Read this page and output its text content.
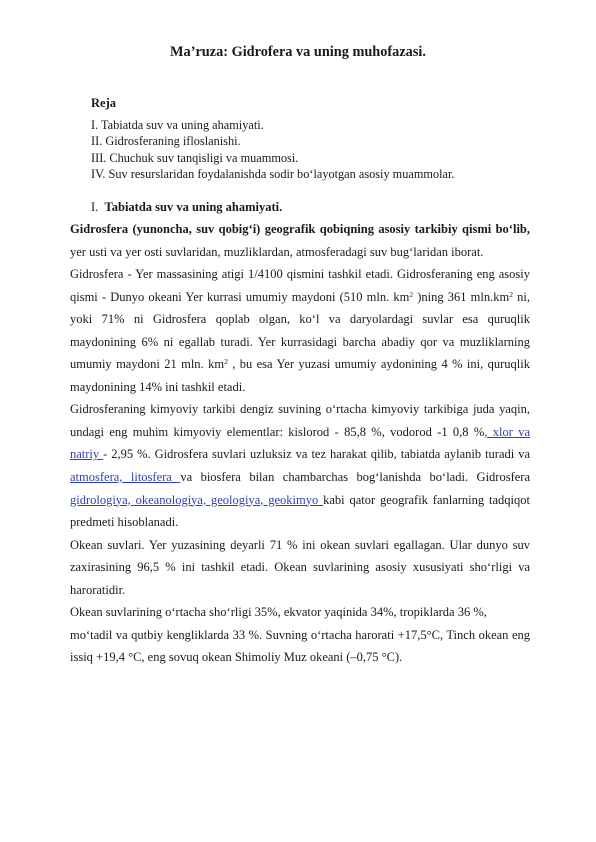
Ma’ruza: Gidrofera va uning muhofazasi.
Reja
I. Tabiatda suv va uning ahamiyati.
II. Gidrosferaning ifloslanishi.
III. Chuchuk suv tanqisligi va muammosi.
IV. Suv resurslaridan foydalanishda sodir bo‘layotgan asosiy muammolar.
I. Tabiatda suv va uning ahamiyati.

Gidrosfera (yunoncha, suv qobig‘i) geografik qobiqning asosiy tarkibiy qismi bo‘lib, yer usti va yer osti suvlaridan, muzliklardan, atmosferadagi suv bug‘laridan iborat.

Gidrosfera - Yer massasining atigi 1/4100 qismini tashkil etadi. Gidrosferaning eng asosiy qismi - Dunyo okeani Yer kurrasi umumiy maydoni (510 mln. $km^2$ )ning 361 $mln.km^2$ ni, yoki 71% ni Gidrosfera qoplab olgan, ko‘l va daryolardagi suvlar esa quruqlik maydonining 6% ni egallab turadi. Yer kurrasidagi barcha abadiy qor va muzliklarning umumiy maydoni 21 mln. $km^2$ , bu esa Yer yuzasi umumiy aydonining 4 % ini, quruqlik maydonining 14% ini tashkil etadi.

Gidrosferaning kimyoviy tarkibi dengiz suvining o‘rtacha kimyoviy tarkibiga juda yaqin, undagi eng muhim kimyoviy elementlar: kislorod - 85,8 %, vodorod -1 0,8 %, xlor va natriy - 2,95 %. Gidrosfera suvlari uzluksiz va tez harakat qilib, tabiatda aylanib turadi va atmosfera, litosfera va biosfera bilan chambarchas bog‘lanishda bo‘ladi. Gidrosfera gidrologiya, okeanologiya, geologiya, geokimyo kabi qator geografik fanlarning tadqiqot predmeti hisoblanadi.

Okean suvlari. Yer yuzasining deyarli 71 % ini okean suvlari egallagan. Ular dunyo suv zaxirasining 96,5 % ini tashkil etadi. Okean suvlarining asosiy xususiyati sho‘rligi va haroratidir.

Okean suvlarining o‘rtacha sho‘rligi 35%, ekvator yaqinida 34%, tropiklarda 36 %,

mo‘tadil va qutbiy kengliklarda 33 %. Suvning o‘rtacha harorati +17,5°C, Tinch okean eng issiq +19,4 °C, eng sovuq okean Shimoliy Muz okeani (–0,75 °C).
